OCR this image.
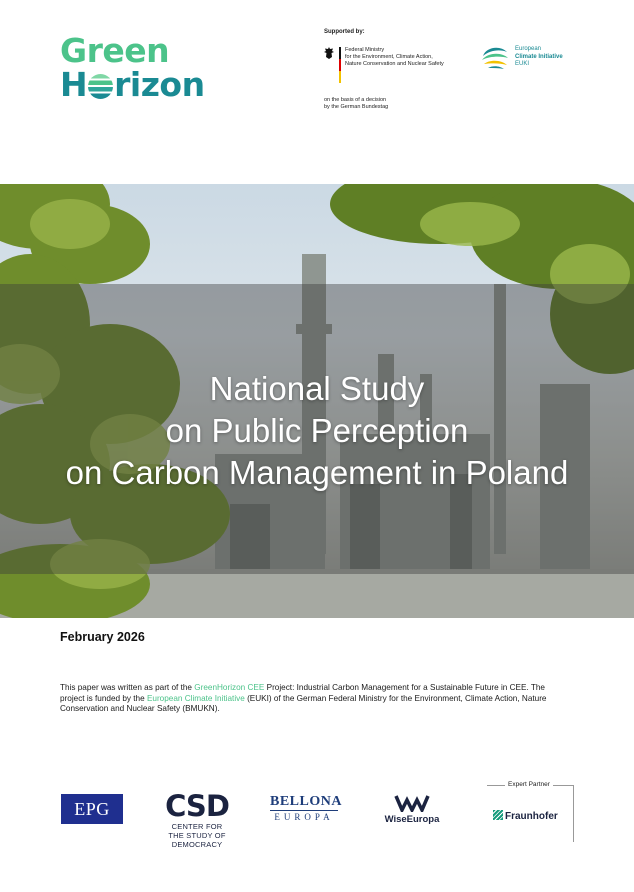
Green
H rizon
Supported by:
Federal Ministry
for the Environment, Climate Action,
Nature Conservation and Nuclear Safety
on the basis of a decision
by the German Bundestag
European
Climate Initiative
EUKI
National Study
on Public Perception
on Carbon Management in Poland
February 2026
This paper was written as part of the GreenHorizon CEE Project: Industrial Carbon Management for a Sustainable Future in CEE. The project is funded by the European Climate Initiative (EUKI) of the German Federal Ministry for the Environment, Climate Action, Nature Conservation and Nuclear Safety (BMUKN).
EPG	CSD
CENTER FOR
THE STUDY OF
DEMOCRACY
BELLONA
EUROPA	WiseEuropa
Expert Partner
Fraunhofer
